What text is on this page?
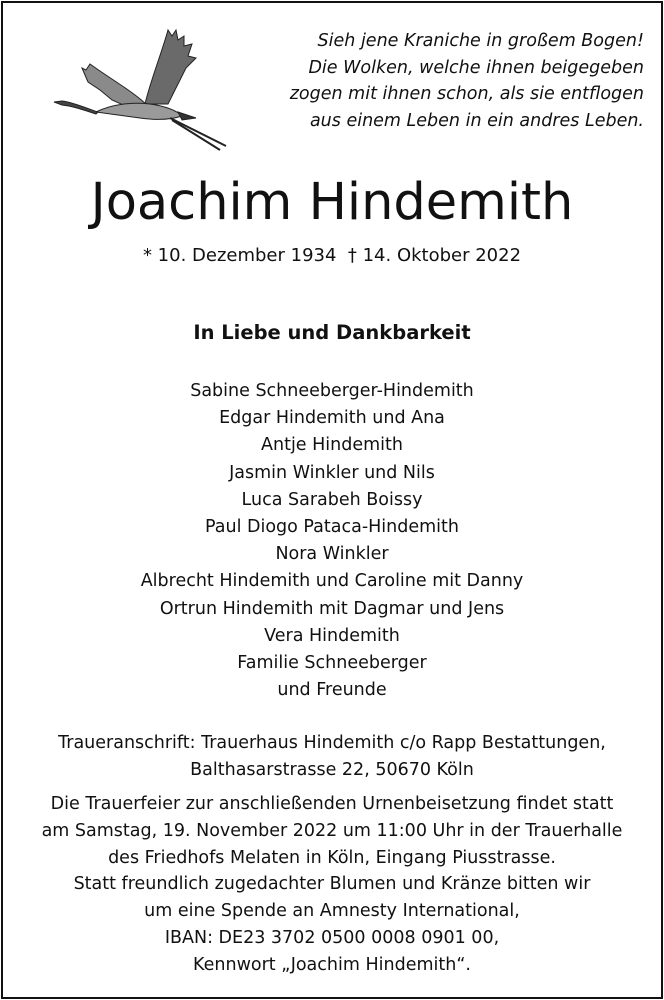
Sieh jene Kraniche in großem Bogen!
Die Wolken, welche ihnen beigegeben
zogen mit ihnen schon, als sie entflogen
aus einem Leben in ein andres Leben.
Joachim Hindemith
* 10. Dezember 1934  † 14. Oktober 2022
In Liebe und Dankbarkeit
Sabine Schneeberger-Hindemith
Edgar Hindemith und Ana
Antje Hindemith
Jasmin Winkler und Nils
Luca Sarabeh Boissy
Paul Diogo Pataca-Hindemith
Nora Winkler
Albrecht Hindemith und Caroline mit Danny
Ortrun Hindemith mit Dagmar und Jens
Vera Hindemith
Familie Schneeberger
und Freunde
Traueranschrift: Trauerhaus Hindemith c/o Rapp Bestattungen,
Balthasarstrasse 22, 50670 Köln
Die Trauerfeier zur anschließenden Urnenbeisetzung findet statt
am Samstag, 19. November 2022 um 11:00 Uhr in der Trauerhalle
des Friedhofs Melaten in Köln, Eingang Piusstrasse.
Statt freundlich zugedachter Blumen und Kränze bitten wir
um eine Spende an Amnesty International,
IBAN: DE23 3702 0500 0008 0901 00,
Kennwort „Joachim Hindemith“.
